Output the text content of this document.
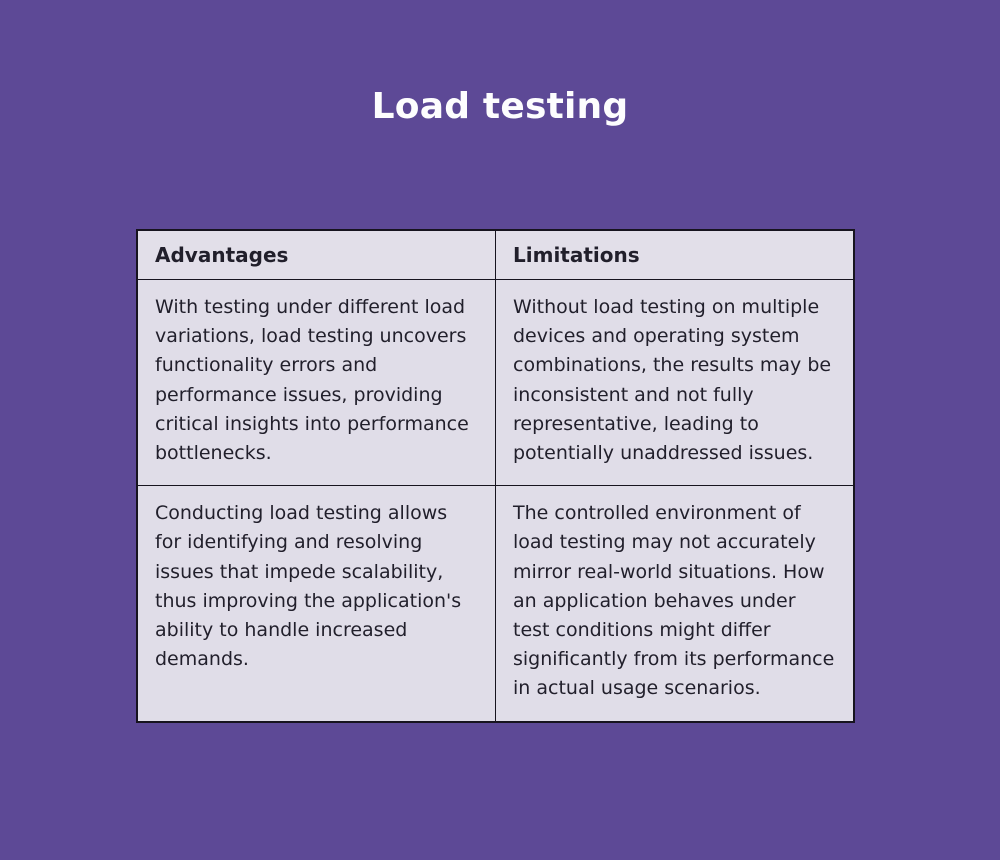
Load testing
Advantages	Limitations
With testing under different load variations, load testing uncovers functionality errors and performance issues, providing critical insights into performance bottlenecks.	Without load testing on multiple devices and operating system combinations, the results may be inconsistent and not fully representative, leading to potentially unaddressed issues.
Conducting load testing allows for identifying and resolving issues that impede scalability, thus improving the application's ability to handle increased demands.	The controlled environment of load testing may not accurately mirror real-world situations. How an application behaves under test conditions might differ significantly from its performance in actual usage scenarios.
